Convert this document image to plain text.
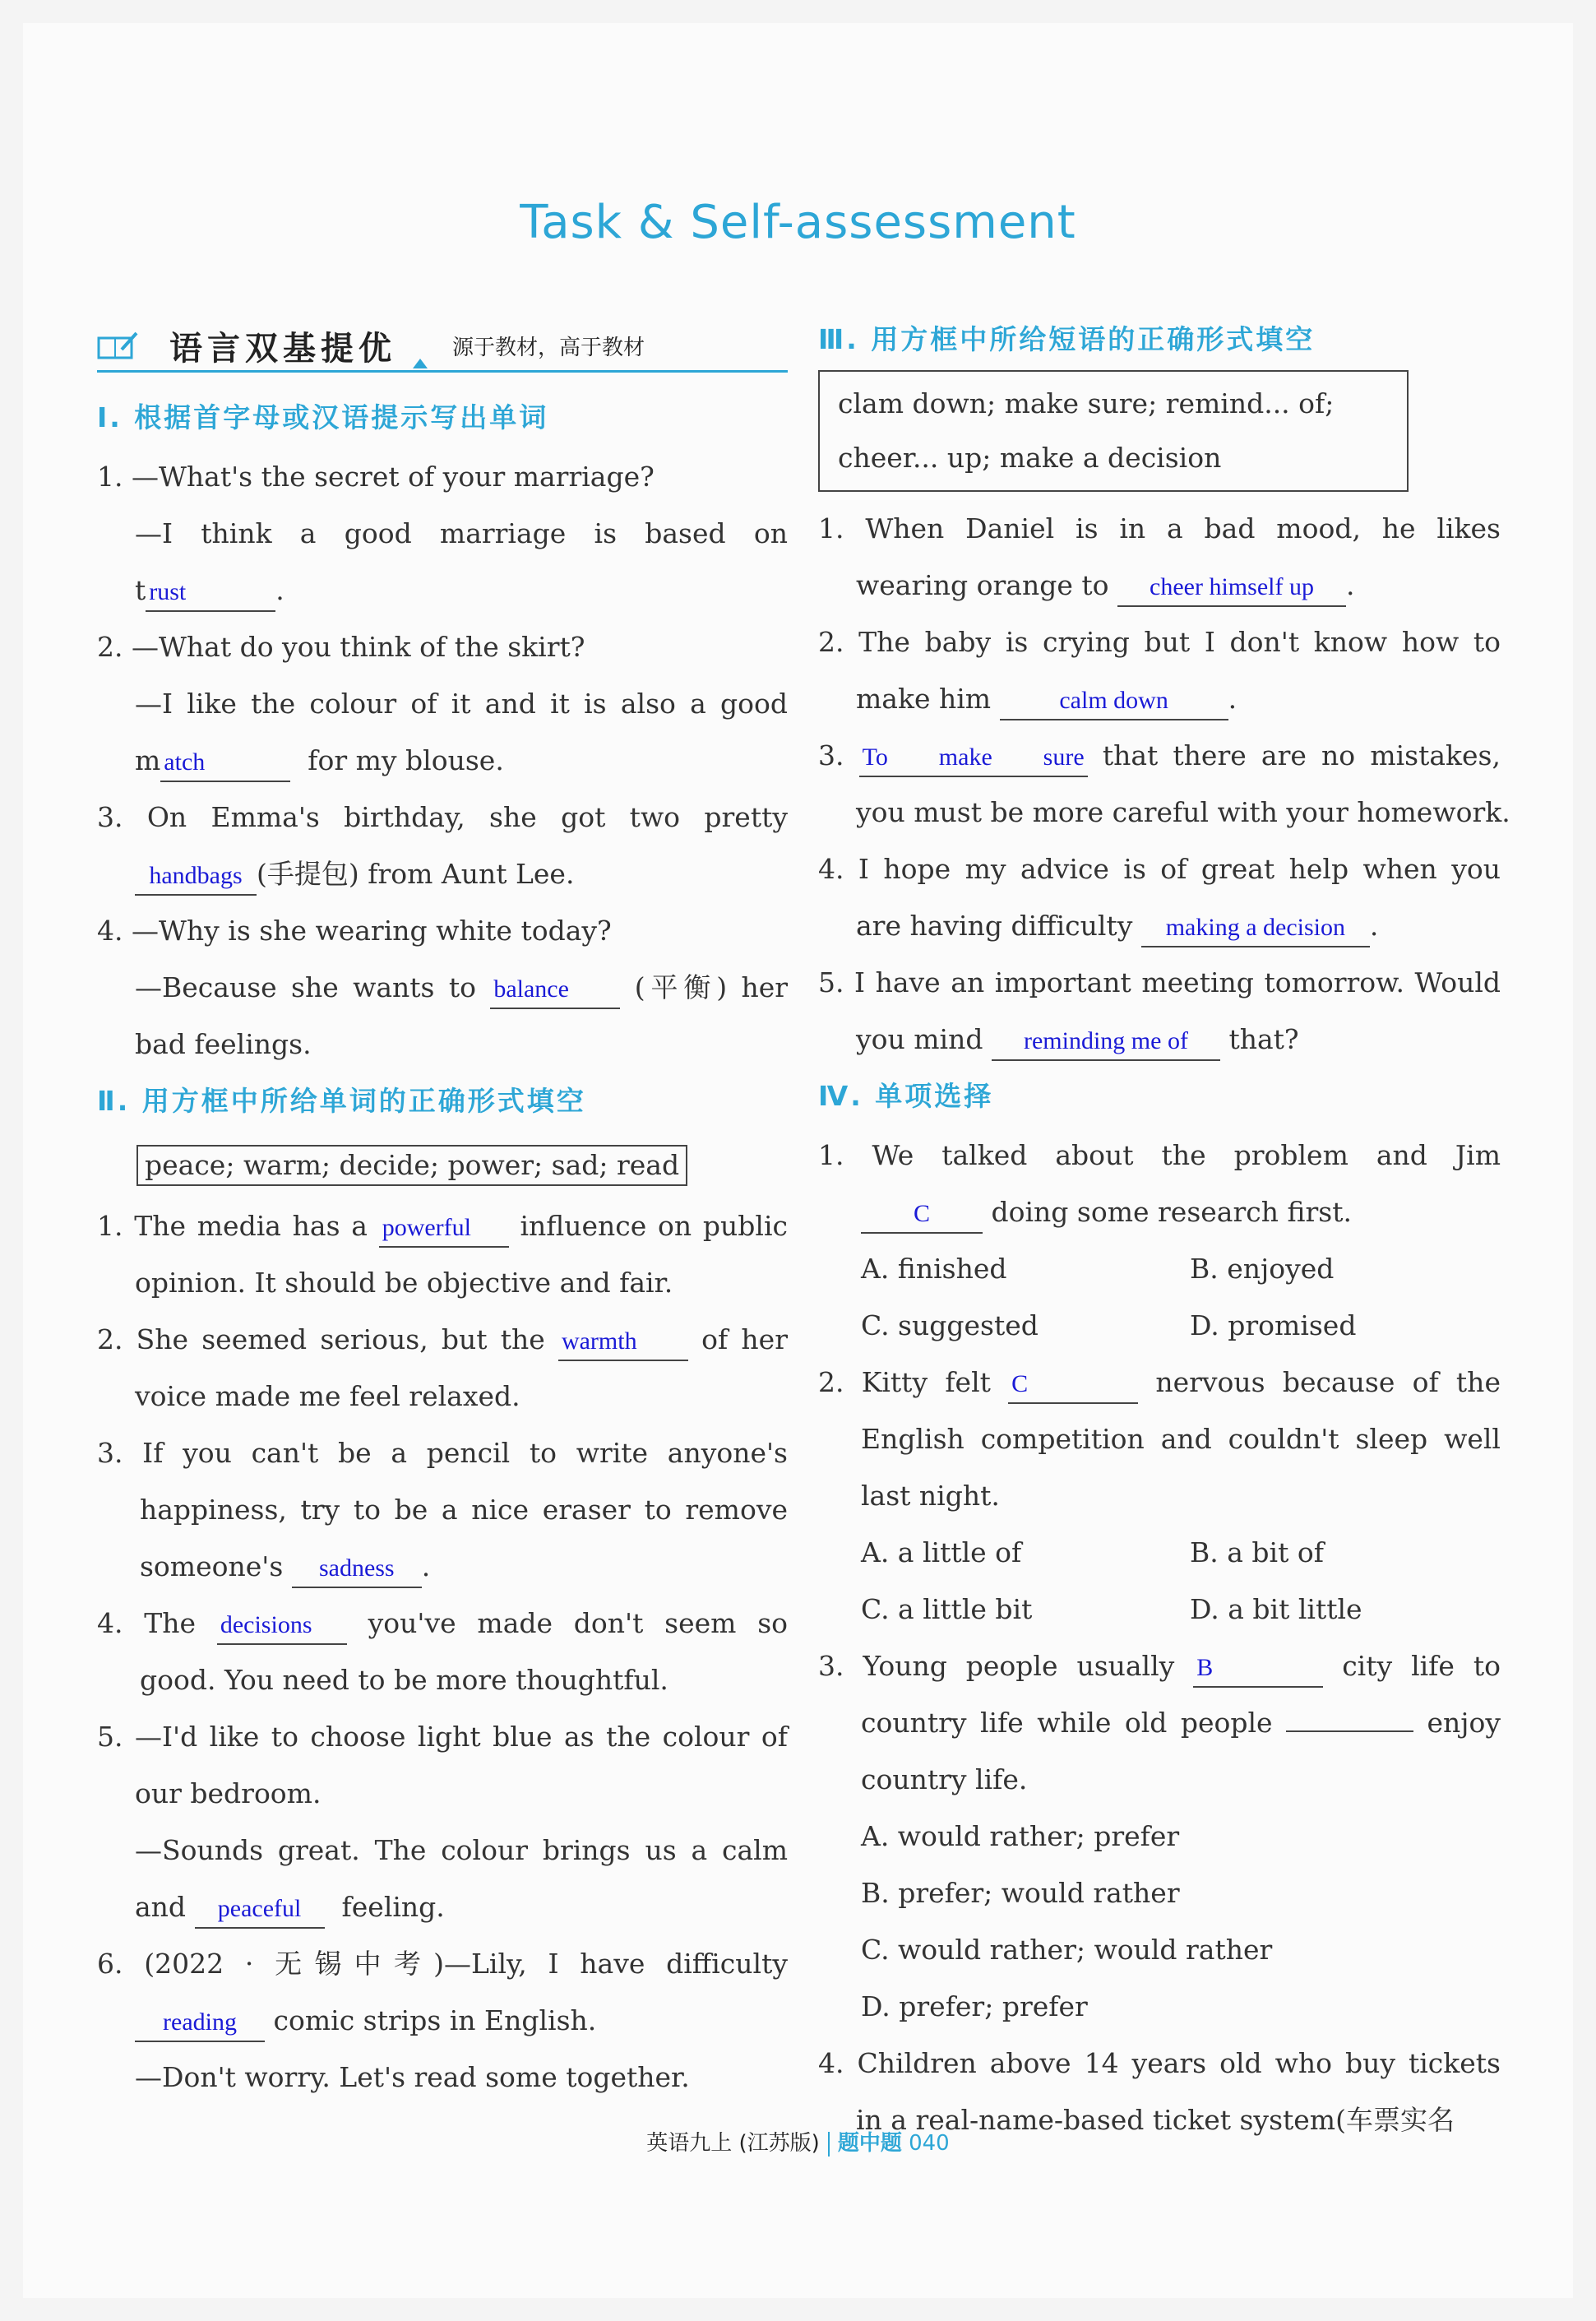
Task & Self-assessment
语言双基提优	源于教材，高于教材
Ⅰ. 根据首字母或汉语提示写出单词
1. —What's the secret of your marriage?
—I think a good marriage is based on
t rust	.
2. —What do you think of the skirt?
—I like the colour of it and it is also a good
m atch	for my blouse.
3. On Emma's birthday, she got two pretty
handbags (手提包) from Aunt Lee.
4. —Why is she wearing white today?
—Because she wants to balance (平衡) her
bad feelings.
Ⅱ. 用方框中所给单词的正确形式填空
peace; warm; decide; power; sad; read
1. The media has a powerful influence on public
opinion. It should be objective and fair.
2. She seemed serious, but the warmth of her
voice made me feel relaxed.
3. If you can't be a pencil to write anyone's
happiness, try to be a nice eraser to remove
someone's sadness .
4. The decisions you've made don't seem so
good. You need to be more thoughtful.
5. —I'd like to choose light blue as the colour of
our bedroom.
—Sounds great. The colour brings us a calm
and peaceful feeling.
6. (2022 · 无锡中考)—Lily, I have difficulty
reading comic strips in English.
—Don't worry. Let's read some together.
Ⅲ. 用方框中所给短语的正确形式填空
clam down; make sure; remind... of;
cheer... up; make a decision
1. When Daniel is in a bad mood, he likes
wearing orange to cheer himself up .
2. The baby is crying but I don't know how to
make him	calm down .
3. To make sure that there are no mistakes,
you must be more careful with your homework.
4. I hope my advice is of great help when you
are having difficulty making a decision .
5. I have an important meeting tomorrow. Would
you mind reminding me of that?
Ⅳ. 单项选择
1. We talked about the problem and Jim
C doing some research first.
A. finished	B. enjoyed
C. suggested	D. promised
2. Kitty felt C	nervous because of the
English competition and couldn't sleep well
last night.
A. a little of	B. a bit of
C. a little bit	D. a bit little
3. Young people usually B	city life to
country life while old people	enjoy
country life.
A. would rather; prefer
B. prefer; would rather
C. would rather; would rather
D. prefer; prefer
4. Children above 14 years old who buy tickets
in a real-name-based ticket system(车票实名
英语九上 (江苏版) 题中题 040
